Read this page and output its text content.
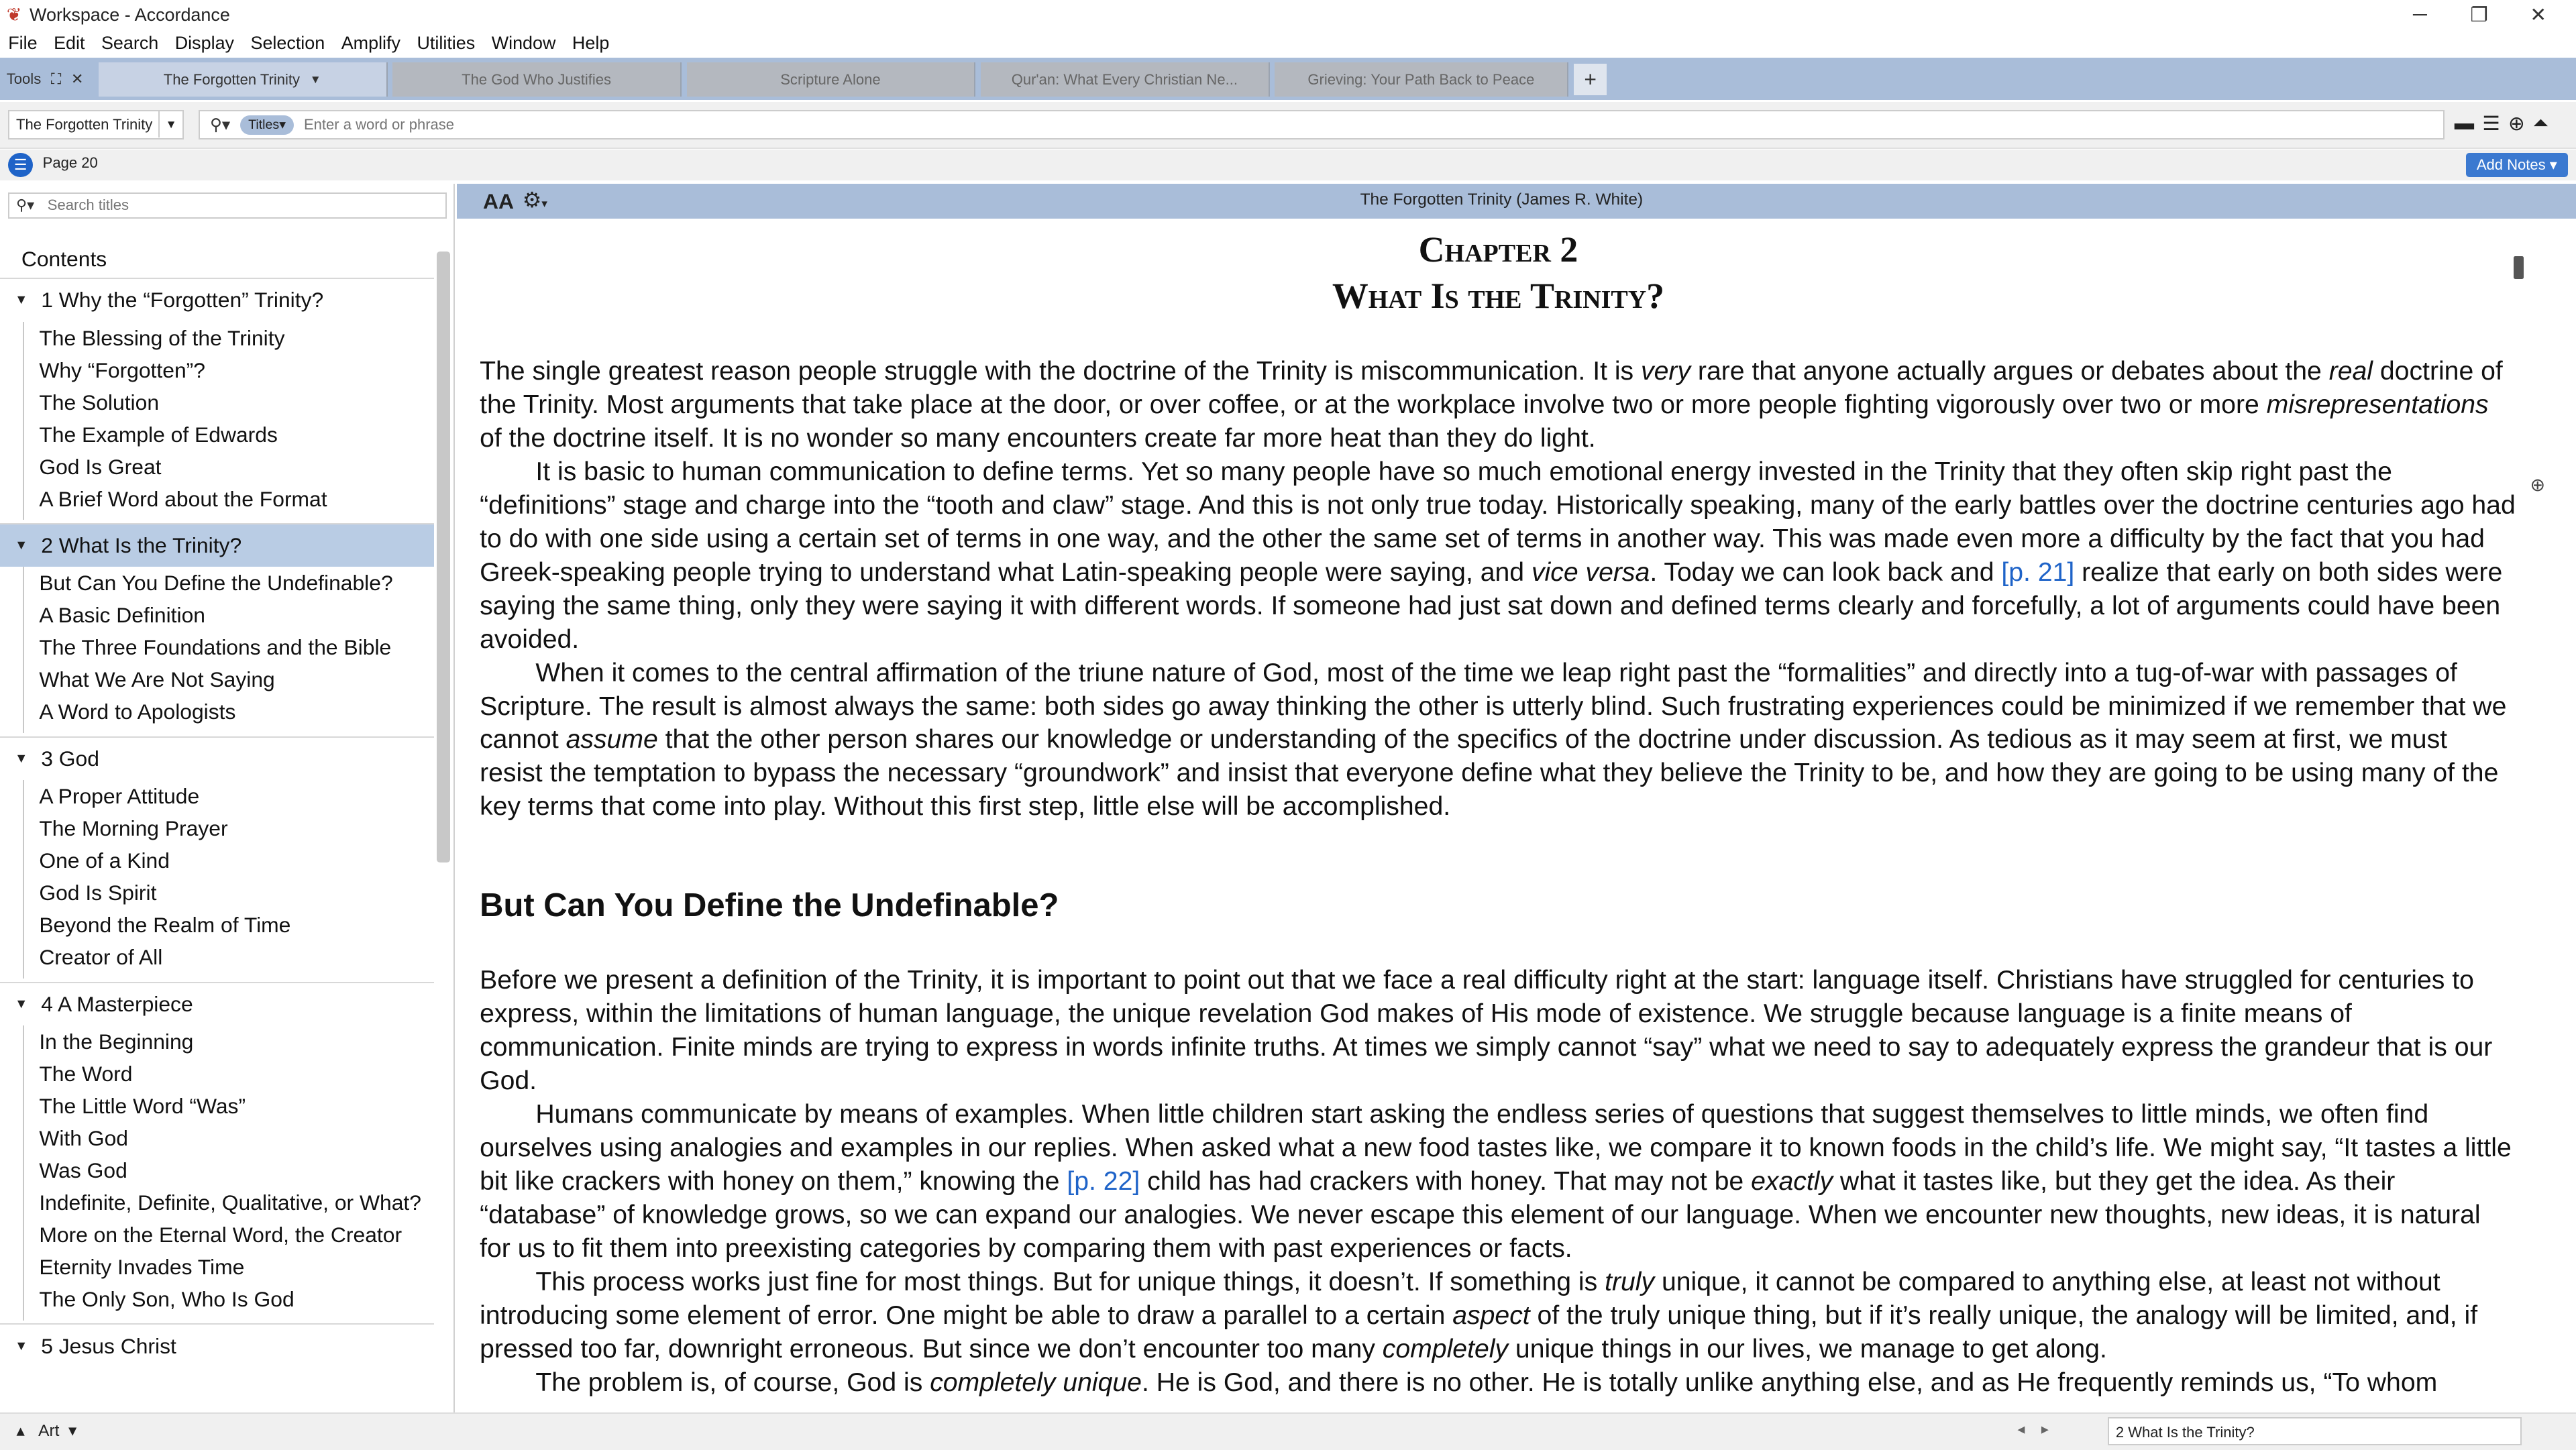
❦ Workspace - Accordance	─	❐	✕
File	Edit	Search	Display	Selection	Amplify	Utilities	Window	Help
Tools ⛶ ✕	The Forgotten Trinity ▼	The God Who Justifies	Scripture Alone	Qur'an: What Every Christian Ne...	Grieving: Your Path Back to Peace	+
The Forgotten Trinity	▼	⚲▾	Titles▾
Enter a word or phrase	▬ ☰ ⊕ ⏶
☰	Page 20	Add Notes ▾
⚲▾
Search titles
Contents
▼	1 Why the “Forgotten” Trinity?
The Blessing of the Trinity
Why “Forgotten”?
The Solution
The Example of Edwards
God Is Great
A Brief Word about the Format
▼	2 What Is the Trinity?
But Can You Define the Undefinable?
A Basic Definition
The Three Foundations and the Bible
What We Are Not Saying
A Word to Apologists
▼	3 God
A Proper Attitude
The Morning Prayer
One of a Kind
God Is Spirit
Beyond the Realm of Time
Creator of All
▼	4 A Masterpiece
In the Beginning
The Word
The Little Word “Was”
With God
Was God
Indefinite, Definite, Qualitative, or What?
More on the Eternal Word, the Creator
Eternity Invades Time
The Only Son, Who Is God
▼	5 Jesus Christ
AA ⚙▾	The Forgotten Trinity (James R. White)
⊕
Chapter 2
What Is the Trinity?

The single greatest reason people struggle with the doctrine of the Trinity is miscommunication. It is very rare that anyone actually argues or debates about the real doctrine of the Trinity. Most arguments that take place at the door, or over coffee, or at the workplace involve two or more people fighting vigorously over two or more misrepresentations of the doctrine itself. It is no wonder so many encounters create far more heat than they do light.

It is basic to human communication to define terms. Yet so many people have so much emotional energy invested in the Trinity that they often skip right past the “definitions” stage and charge into the “tooth and claw” stage. And this is not only true today. Historically speaking, many of the early battles over the doctrine centuries ago had to do with one side using a certain set of terms in one way, and the other the same set of terms in another way. This was made even more a difficulty by the fact that you had Greek-speaking people trying to understand what Latin-speaking people were saying, and vice versa. Today we can look back and [p. 21] realize that early on both sides were saying the same thing, only they were saying it with different words. If someone had just sat down and defined terms clearly and forcefully, a lot of arguments could have been avoided.

When it comes to the central affirmation of the triune nature of God, most of the time we leap right past the “formalities” and directly into a tug-of-war with passages of Scripture. The result is almost always the same: both sides go away thinking the other is utterly blind. Such frustrating experiences could be minimized if we remember that we cannot assume that the other person shares our knowledge or understanding of the specifics of the doctrine under discussion. As tedious as it may seem at first, we must resist the temptation to bypass the necessary “groundwork” and insist that everyone define what they believe the Trinity to be, and how they are going to be using many of the key terms that come into play. Without this first step, little else will be accomplished.

But Can You Define the Undefinable?

Before we present a definition of the Trinity, it is important to point out that we face a real difficulty right at the start: language itself. Christians have struggled for centuries to express, within the limitations of human language, the unique revelation God makes of His mode of existence. We struggle because language is a finite means of communication. Finite minds are trying to express in words infinite truths. At times we simply cannot “say” what we need to say to adequately express the grandeur that is our God.

Humans communicate by means of examples. When little children start asking the endless series of questions that suggest themselves to little minds, we often find ourselves using analogies and examples in our replies. When asked what a new food tastes like, we compare it to known foods in the child’s life. We might say, “It tastes a little bit like crackers with honey on them,” knowing the [p. 22] child has had crackers with honey. That may not be exactly what it tastes like, but they get the idea. As their “database” of knowledge grows, so we can expand our analogies. We never escape this element of our language. When we encounter new thoughts, new ideas, it is natural for us to fit them into preexisting categories by comparing them with past experiences or facts.

This process works just fine for most things. But for unique things, it doesn’t. If something is truly unique, it cannot be compared to anything else, at least not without introducing some element of error. One might be able to draw a parallel to a certain aspect of the truly unique thing, but if it’s really unique, the analogy will be limited, and, if pressed too far, downright erroneous. But since we don’t encounter too many completely unique things in our lives, we manage to get along.

The problem is, of course, God is completely unique. He is God, and there is no other. He is totally unlike anything else, and as He frequently reminds us, “To whom

▴   Art  ▾	◂    ▸	2 What Is the Trinity?
